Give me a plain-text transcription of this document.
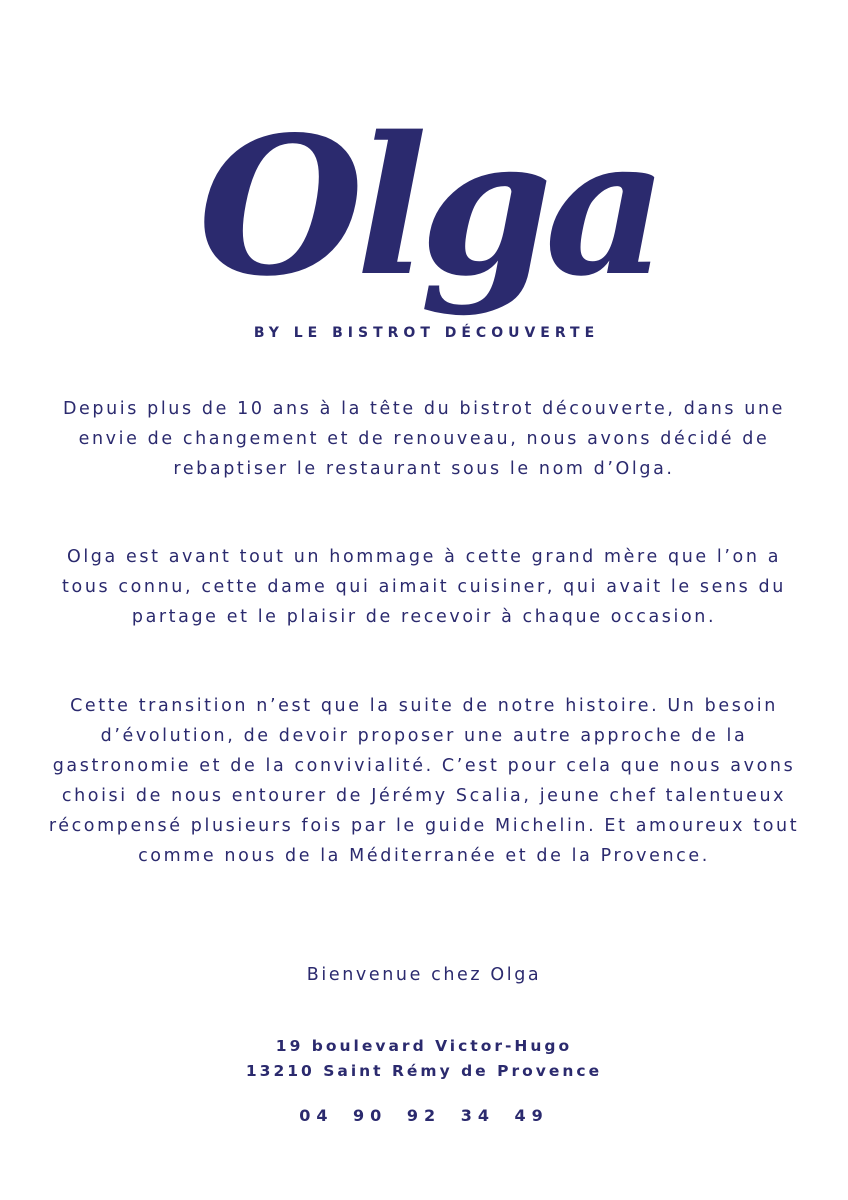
Olga
BY LE BISTROT DÉCOUVERTE

Depuis plus de 10 ans à la tête du bistrot découverte, dans une envie de changement et de renouveau, nous avons décidé de rebaptiser le restaurant sous le nom d’Olga.

Olga est avant tout un hommage à cette grand mère que l’on a tous connu, cette dame qui aimait cuisiner, qui avait le sens du partage et le plaisir de recevoir à chaque occasion.

Cette transition n’est que la suite de notre histoire. Un besoin d’évolution, de devoir proposer une autre approche de la gastronomie et de la convivialité. C’est pour cela que nous avons choisi de nous entourer de Jérémy Scalia, jeune chef talentueux récompensé plusieurs fois par le guide Michelin. Et amoureux tout comme nous de la Méditerranée et de la Provence.

Bienvenue chez Olga

19 boulevard Victor-Hugo
13210 Saint Rémy de Provence
04 90 92 34 49
